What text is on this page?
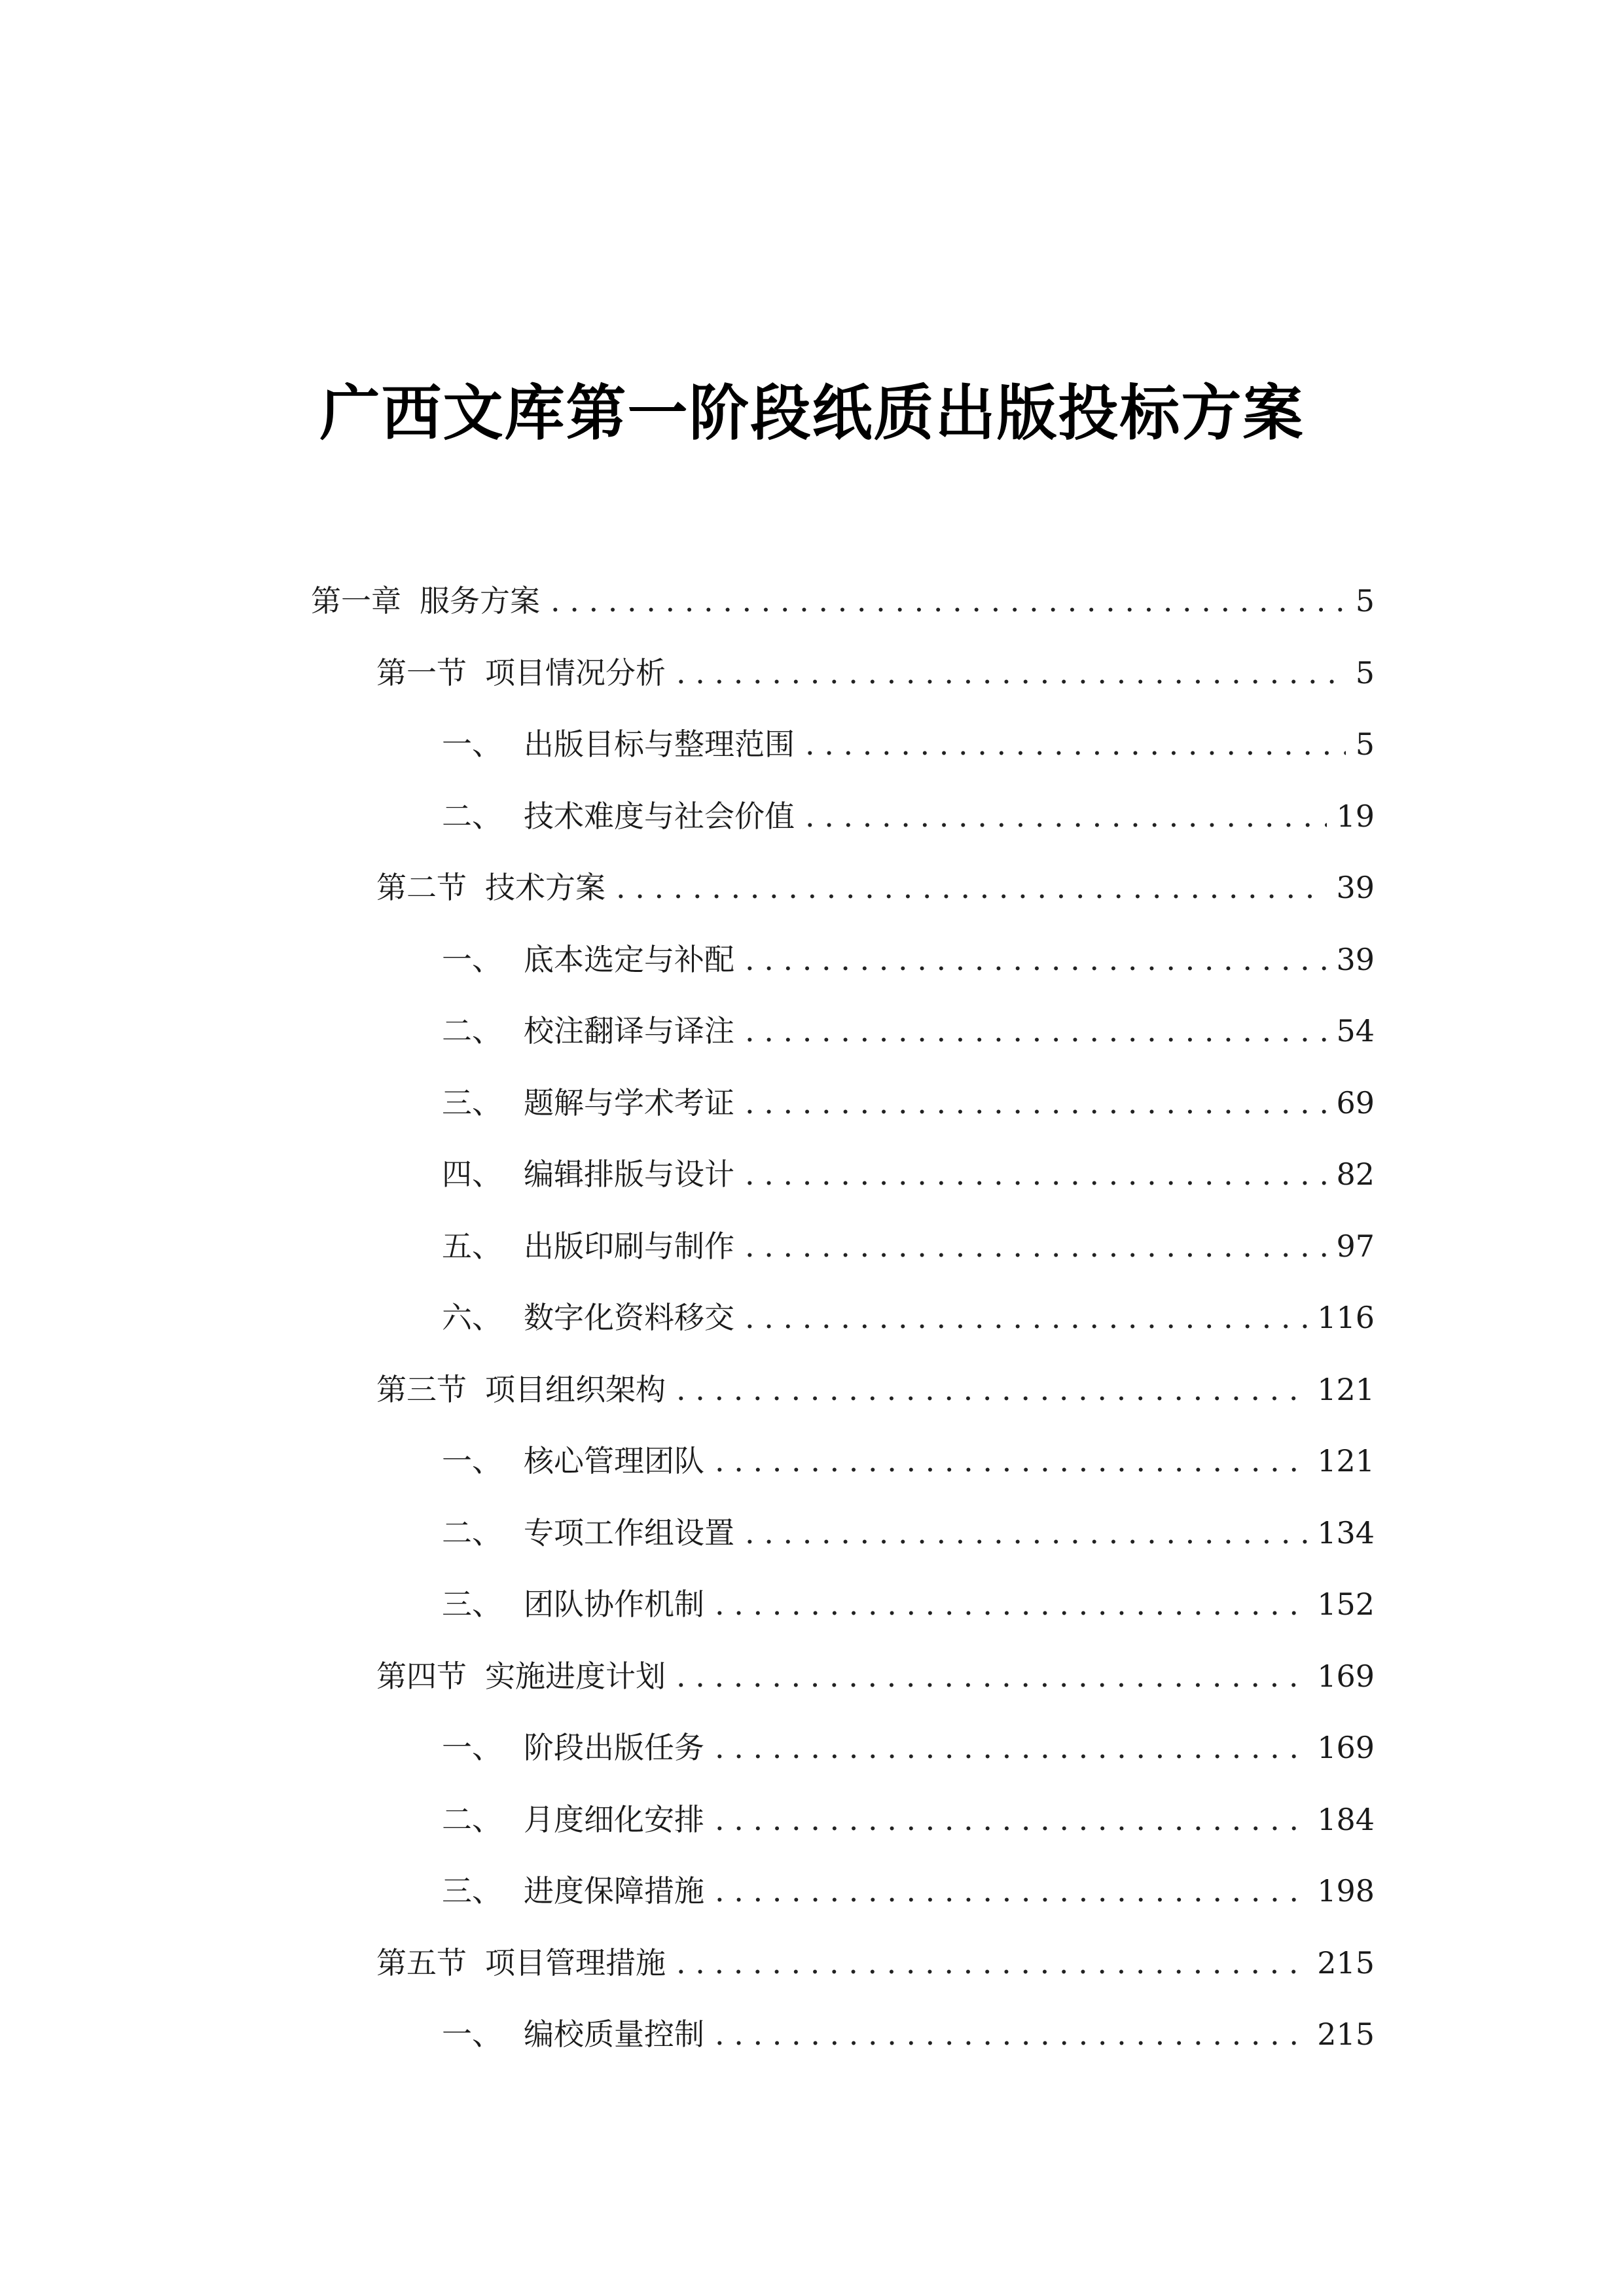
广西文库第一阶段纸质出版投标方案
第一章 服务方案 . . .	5
第一节 项目情况分析 . . .	5
一、 出版目标与整理范围 . . .	5
二、 技术难度与社会价值 . . .	19
第二节 技术方案 . . .	39
一、 底本选定与补配 . . .	39
二、 校注翻译与译注 . . .	54
三、 题解与学术考证 . . .	69
四、 编辑排版与设计 . . .	82
五、 出版印刷与制作 . . .	97
六、 数字化资料移交 . . .	116
第三节 项目组织架构 . . .	121
一、 核心管理团队 . . .	121
二、 专项工作组设置 . . .	134
三、 团队协作机制 . . .	152
第四节 实施进度计划 . . .	169
一、 阶段出版任务 . . .	169
二、 月度细化安排 . . .	184
三、 进度保障措施 . . .	198
第五节 项目管理措施 . . .	215
一、 编校质量控制 . . .	215
